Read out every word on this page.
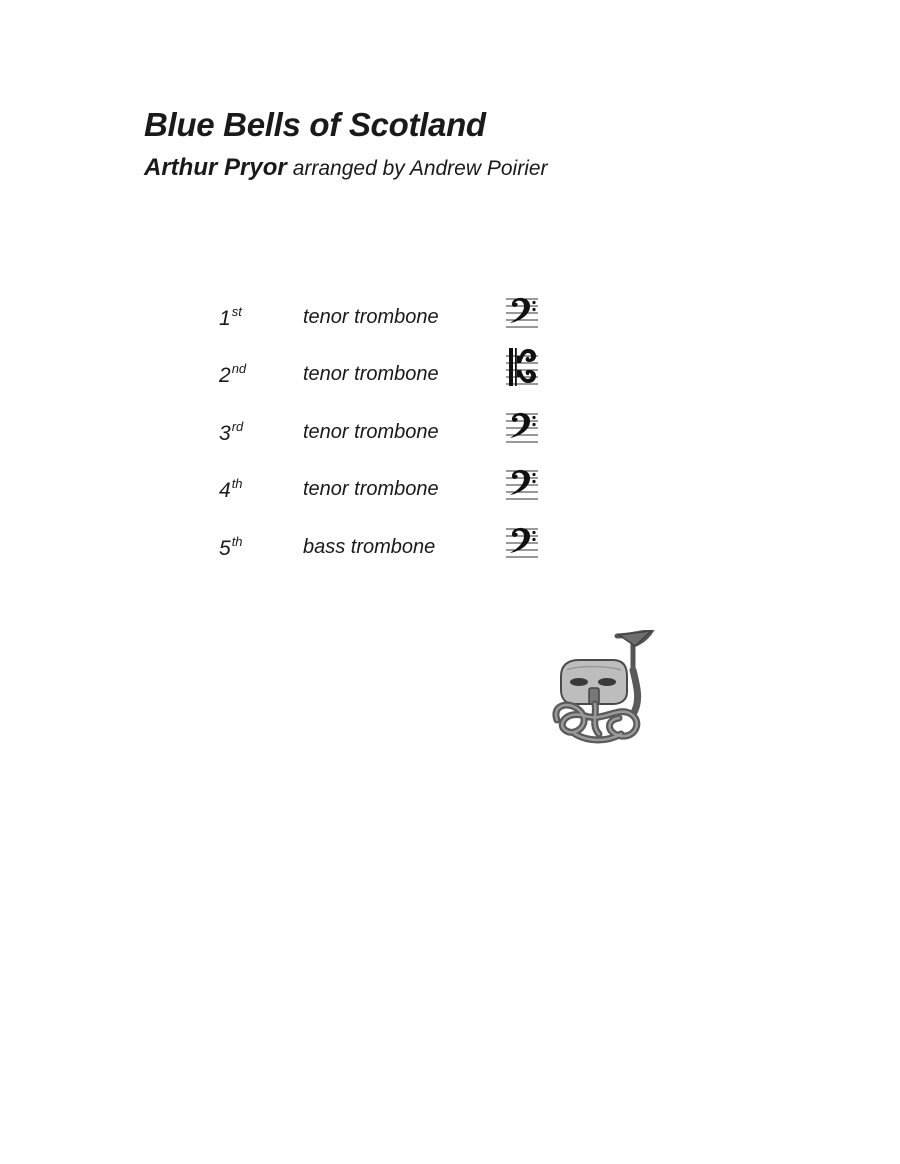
Blue Bells of Scotland
Arthur Pryor arranged by Andrew Poirier
1st	tenor trombone
2nd	tenor trombone
3rd	tenor trombone
4th	tenor trombone
5th	bass trombone
